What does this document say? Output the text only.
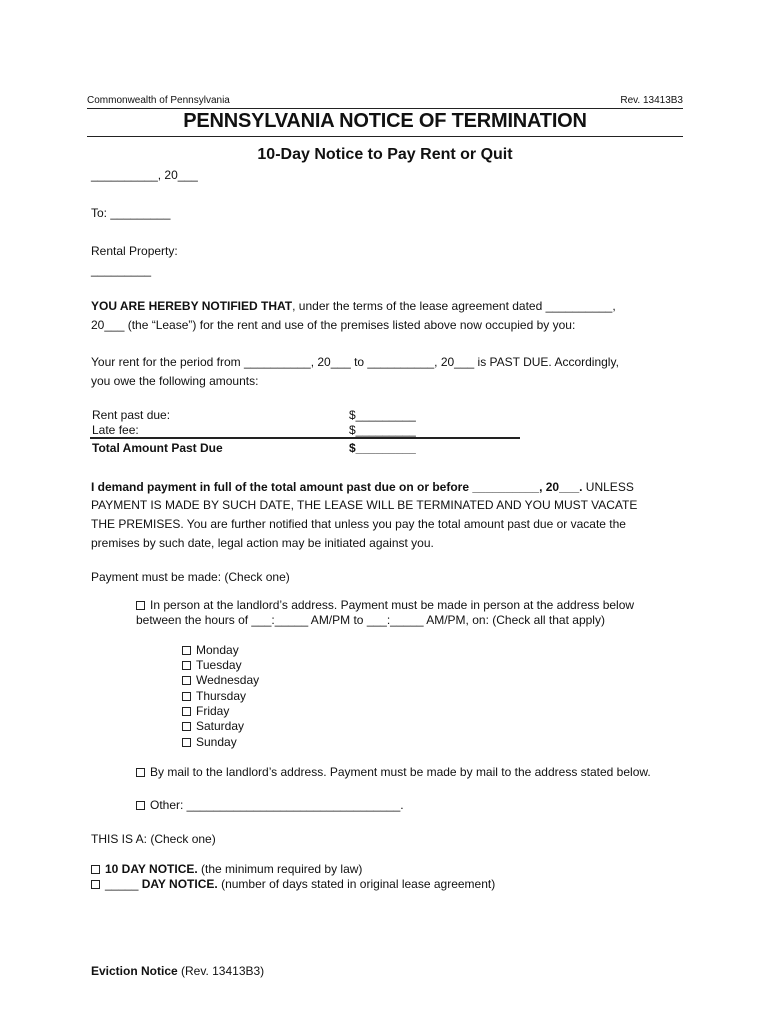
Commonwealth of Pennsylvania	Rev. 13413B3
PENNSYLVANIA NOTICE OF TERMINATION
10-Day Notice to Pay Rent or Quit
__________, 20___
To: _________
Rental Property:
_________
YOU ARE HEREBY NOTIFIED THAT, under the terms of the lease agreement dated __________,
20___ (the “Lease”) for the rent and use of the premises listed above now occupied by you:
Your rent for the period from __________, 20___ to __________, 20___ is PAST DUE. Accordingly,
you owe the following amounts:
Rent past due:	$_________
Late fee:	$_________
Total Amount Past Due	$_________
I demand payment in full of the total amount past due on or before __________, 20___. UNLESS
PAYMENT IS MADE BY SUCH DATE, THE LEASE WILL BE TERMINATED AND YOU MUST VACATE
THE PREMISES. You are further notified that unless you pay the total amount past due or vacate the
premises by such date, legal action may be initiated against you.
Payment must be made: (Check one)
In person at the landlord’s address. Payment must be made in person at the address below
between the hours of ___:_____ AM/PM to ___:_____ AM/PM, on: (Check all that apply)
Monday
Tuesday
Wednesday
Thursday
Friday
Saturday
Sunday
By mail to the landlord’s address. Payment must be made by mail to the address stated below.
Other: ________________________________.
THIS IS A: (Check one)
10 DAY NOTICE. (the minimum required by law)
_____ DAY NOTICE. (number of days stated in original lease agreement)
Eviction Notice (Rev. 13413B3)
